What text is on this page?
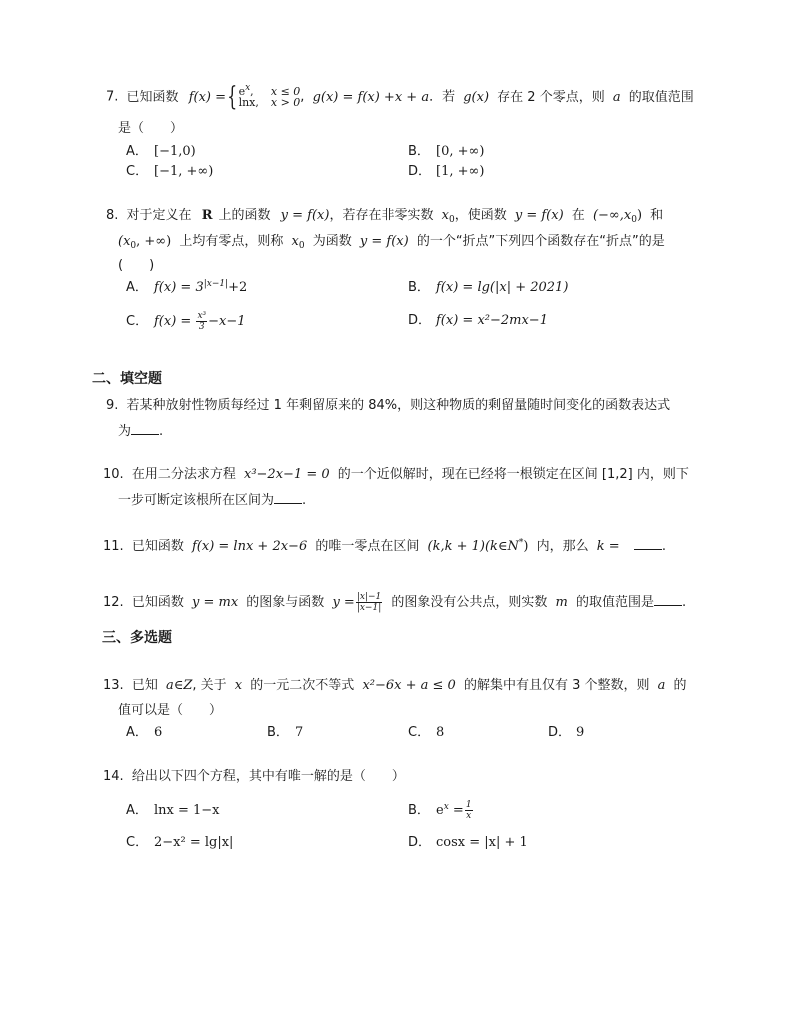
7. 已知函数 f(x) ={ $e^x$,	x ≤ 0
lnx, x > 0 , g(x) = f(x) +x + a．若 g(x) 存在 2 个零点，则 a 的取值范围
是（　　）
A． [−1,0)	B． [0, +∞)
C． [−1, +∞)	D． [1, +∞)
8. 对于定义在 R 上的函数 y = f(x)，若存在非零实数 $x_0$，使函数 y = f(x) 在 $(-\infty,x_0)$ 和
($x_0$, +∞) 上均有零点，则称 $x_0$ 为函数 y = f(x) 的一个“折点”下列四个函数存在“折点”的是
(　　)
A． $f(x) = 3^{|x-1|}+2$	B． f(x) = lg(|x| + 2021)
C． $f(x) = \frac{\text{x³}}{3} -x-1$	D． f(x) = x²−2mx−1
二、填空题
9. 若某种放射性物质每经过 1 年剩留原来的 84%，则这种物质的剩留量随时间变化的函数表达式
为 .
10. 在用二分法求方程 x³−2x−1 = 0 的一个近似解时，现在已经将一根锁定在区间 [1,2] 内，则下
一步可断定该根所在区间为 .
11. 已知函数 f(x) = lnx + 2x−6 的唯一零点在区间 (k,k + 1)(k∈N*) 内，那么 k =	.
12. 已知函数 y = mx 的图象与函数 $y = \frac{|x|-1}{|x-1|}$ 的图象没有公共点，则实数 m 的取值范围是 .
三、多选题
13. 已知 a∈Z, 关于 x 的一元二次不等式 x²−6x + a ≤ 0 的解集中有且仅有 3 个整数，则 a 的
值可以是（　　）
A． 6	B． 7	C． 8	D． 9
14. 给出以下四个方程，其中有唯一解的是（　　）
A． lnx = 1−x	B． $e^x = \frac{1}{x}$
C． 2−x² = lg|x|	D． cosx = |x| + 1
